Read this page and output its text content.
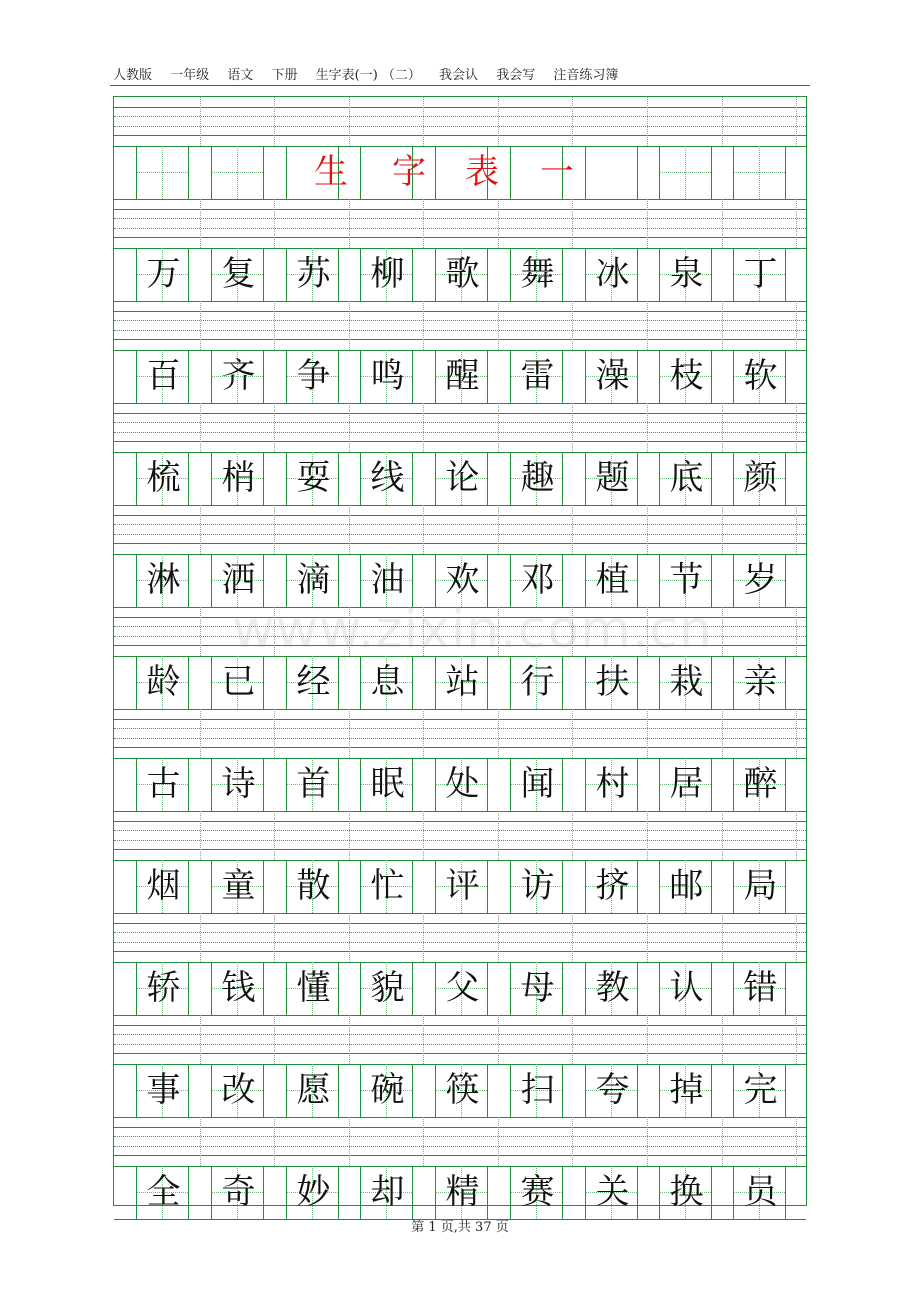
人教版 一年级 语文 下册 生字表(一) （二） 我会认 我会写 注音练习簿
生 字 表 一
万 复 苏 柳 歌 舞 冰 泉 丁
百 齐 争 鸣 醒 雷 澡 枝 软
梳 梢 耍 线 论 趣 题 底 颜
淋 洒 滴 油 欢 邓 植 节 岁
龄 已 经 息 站 行 扶 栽 亲
古 诗 首 眠 处 闻 村 居 醉
烟 童 散 忙 评 访 挤 邮 局
轿 钱 懂 貌 父 母 教 认 错
事 改 愿 碗 筷 扫 夸 掉 完
全 奇 妙 却 精 赛 关 换 员
www.zixin.com.cn
第 1 页,共 37 页
